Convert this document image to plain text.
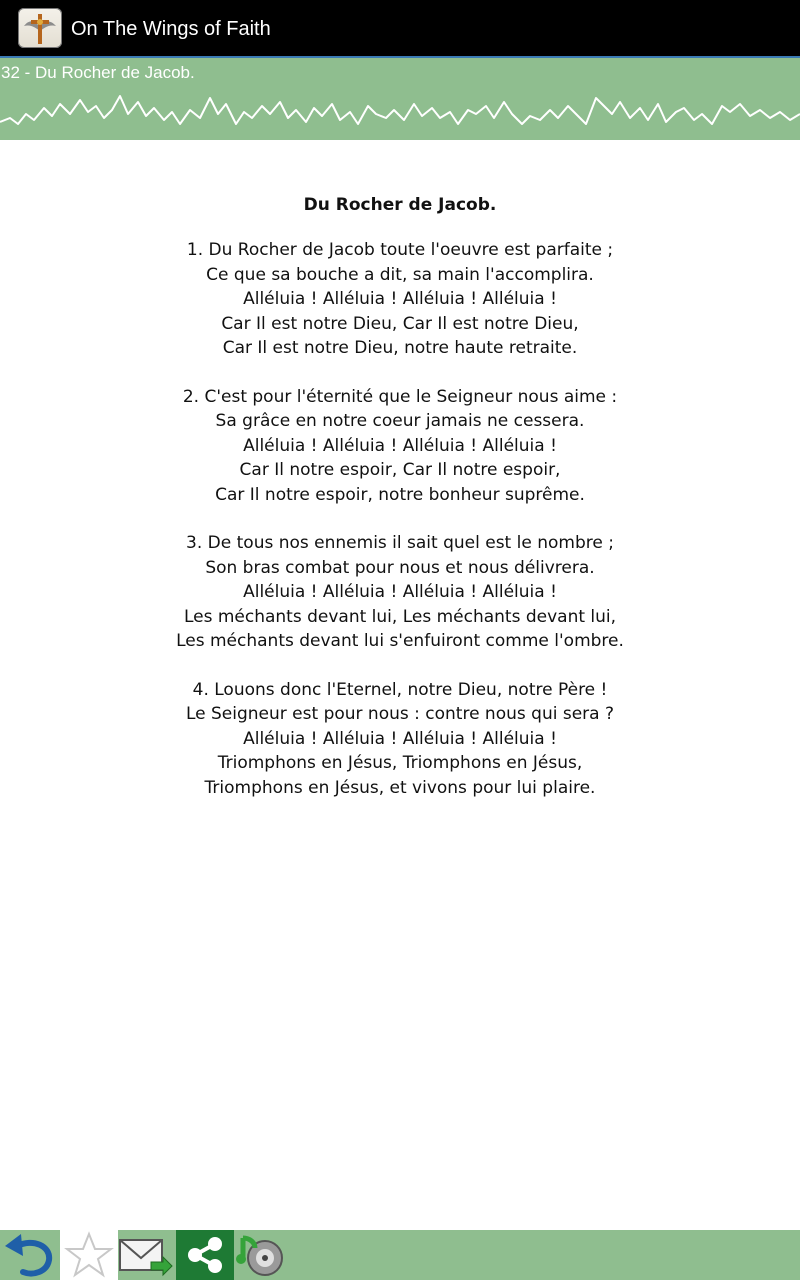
On The Wings of Faith
32 - Du Rocher de Jacob.
Du Rocher de Jacob.
1. Du Rocher de Jacob toute l'oeuvre est parfaite ;
Ce que sa bouche a dit, sa main l'accomplira.
Alléluia ! Alléluia ! Alléluia ! Alléluia !
Car Il est notre Dieu, Car Il est notre Dieu,
Car Il est notre Dieu, notre haute retraite.
2. C'est pour l'éternité que le Seigneur nous aime :
Sa grâce en notre coeur jamais ne cessera.
Alléluia ! Alléluia ! Alléluia ! Alléluia !
Car Il notre espoir, Car Il notre espoir,
Car Il notre espoir, notre bonheur suprême.
3. De tous nos ennemis il sait quel est le nombre ;
Son bras combat pour nous et nous délivrera.
Alléluia ! Alléluia ! Alléluia ! Alléluia !
Les méchants devant lui, Les méchants devant lui,
Les méchants devant lui s'enfuiront comme l'ombre.
4. Louons donc l'Eternel, notre Dieu, notre Père !
Le Seigneur est pour nous : contre nous qui sera ?
Alléluia ! Alléluia ! Alléluia ! Alléluia !
Triomphons en Jésus, Triomphons en Jésus,
Triomphons en Jésus, et vivons pour lui plaire.
